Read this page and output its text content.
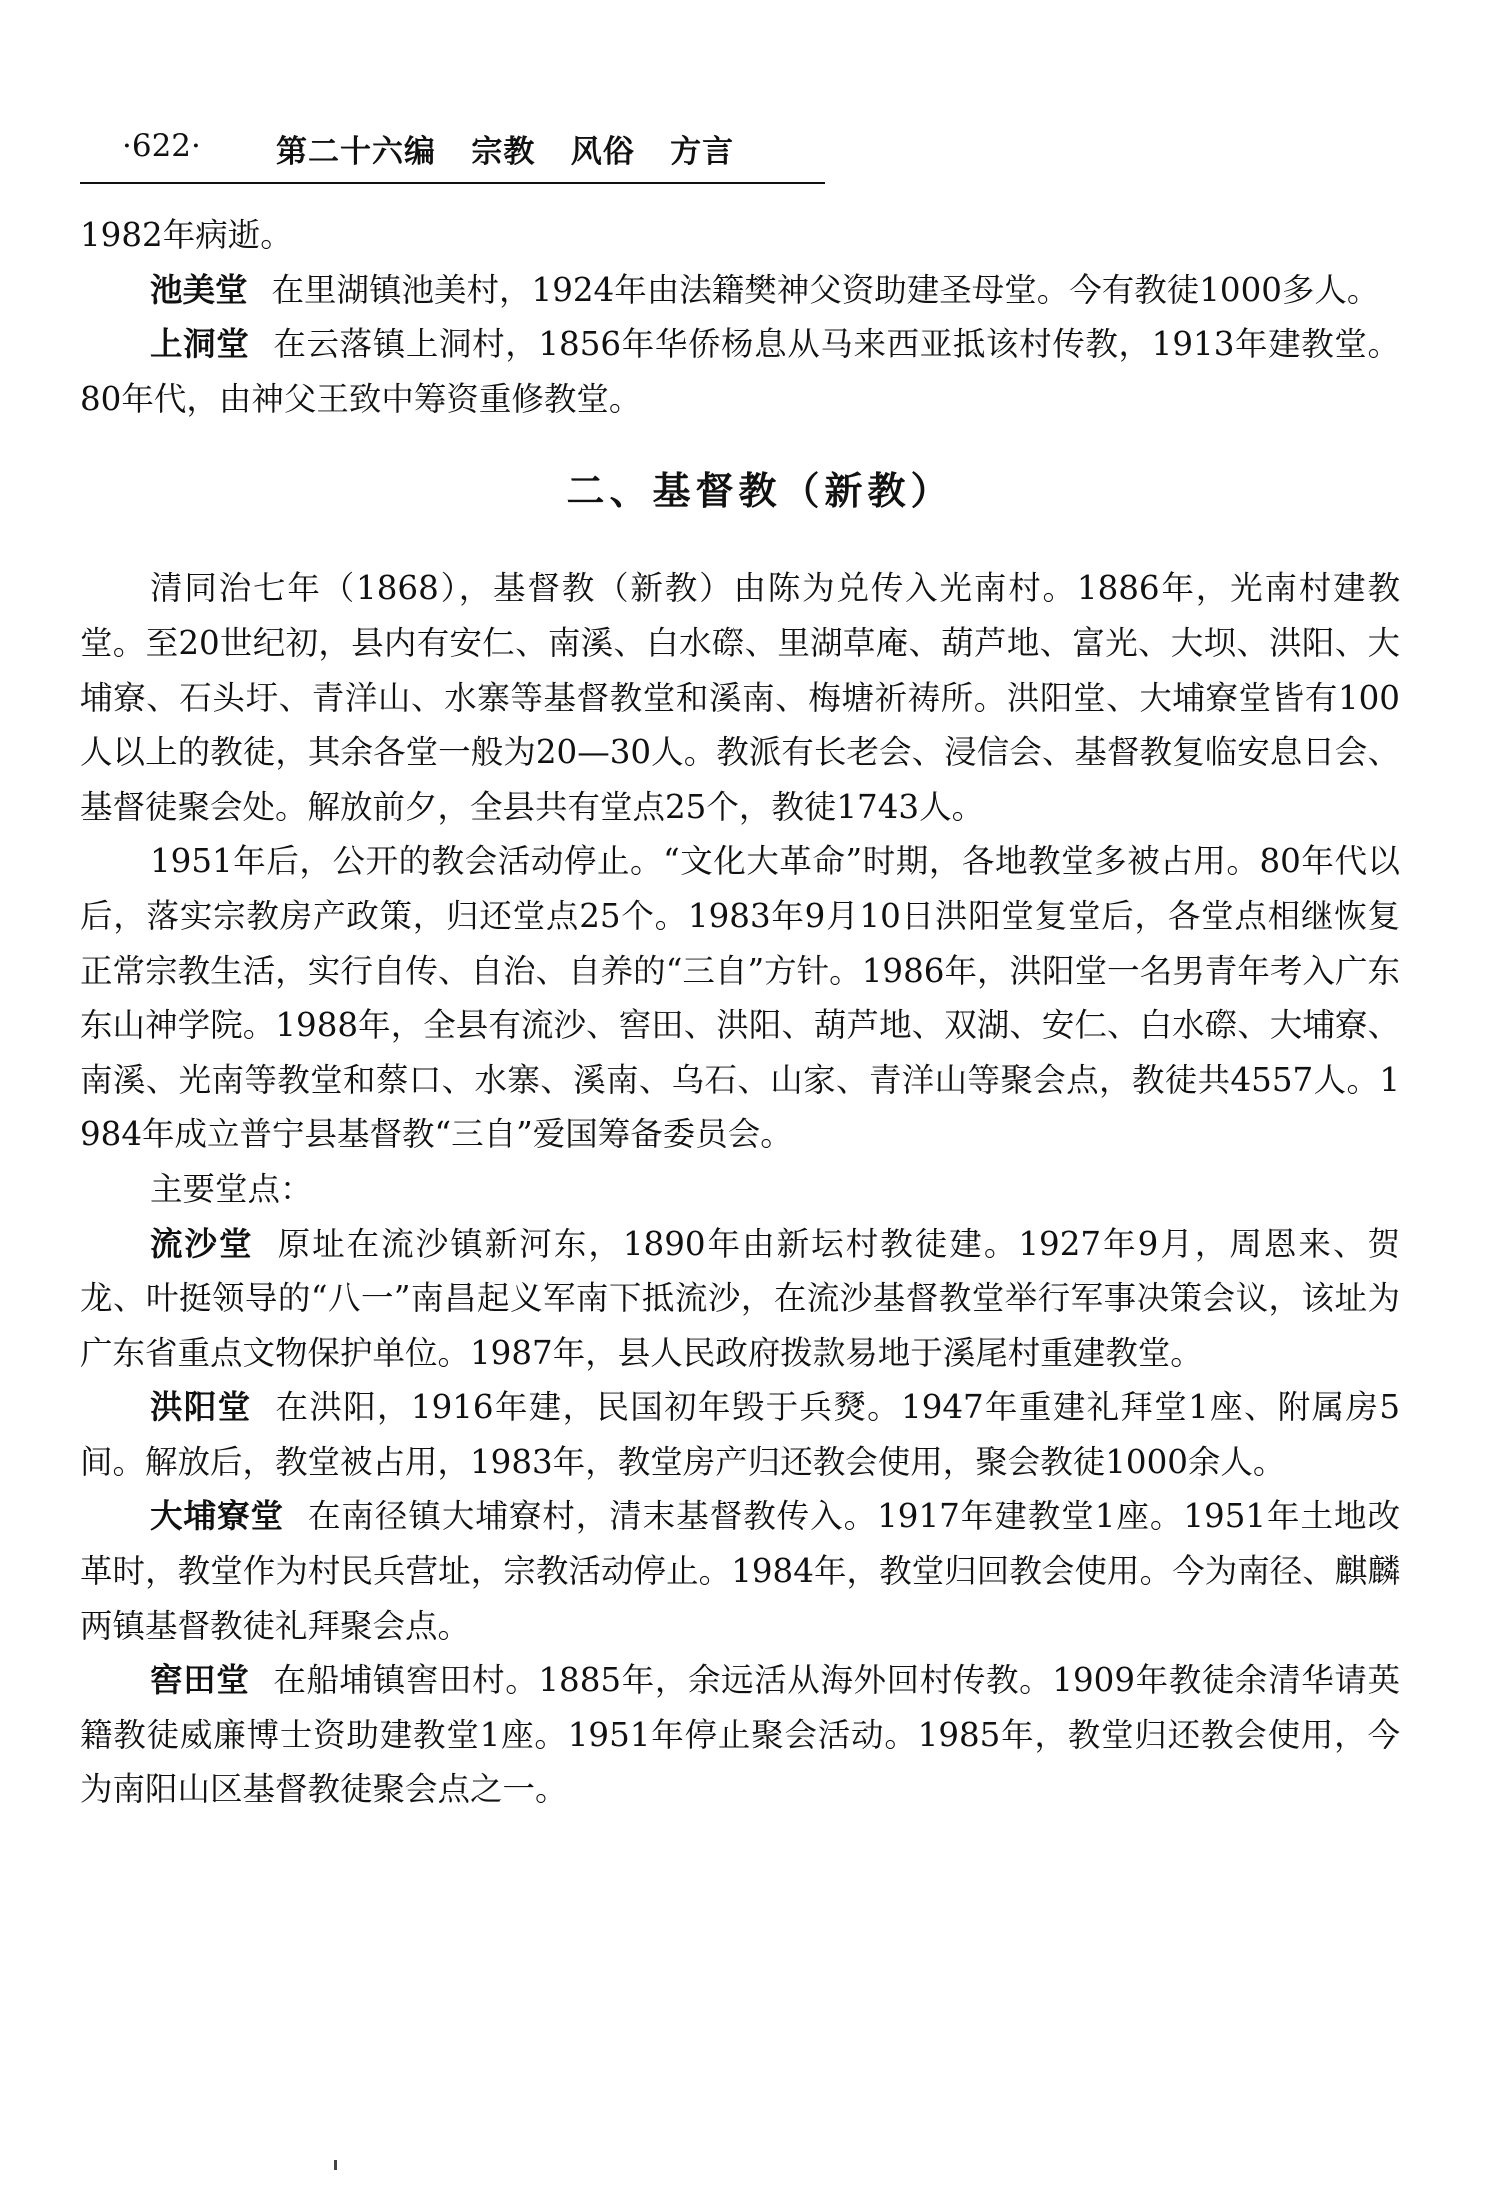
·622· 第二十六编   宗教   风俗   方言

1982年病逝。

池美堂 在里湖镇池美村，1924年由法籍樊神父资助建圣母堂。今有教徒1000多人。

上洞堂 在云落镇上洞村，1856年华侨杨息从马来西亚抵该村传教，1913年建教堂。80年代，由神父王致中筹资重修教堂。

二、基督教（新教）

清同治七年（1868），基督教（新教）由陈为兑传入光南村。1886年，光南村建教堂。至20世纪初，县内有安仁、南溪、白水磜、里湖草庵、葫芦地、富光、大坝、洪阳、大埔寮、石头圩、青洋山、水寨等基督教堂和溪南、梅塘祈祷所。洪阳堂、大埔寮堂皆有100人以上的教徒，其余各堂一般为20—30人。教派有长老会、浸信会、基督教复临安息日会、基督徒聚会处。解放前夕，全县共有堂点25个，教徒1743人。

1951年后，公开的教会活动停止。“文化大革命”时期，各地教堂多被占用。80年代以后，落实宗教房产政策，归还堂点25个。1983年9月10日洪阳堂复堂后，各堂点相继恢复正常宗教生活，实行自传、自治、自养的“三自”方针。1986年，洪阳堂一名男青年考入广东东山神学院。1988年，全县有流沙、窖田、洪阳、葫芦地、双湖、安仁、白水磜、大埔寮、南溪、光南等教堂和蔡口、水寨、溪南、乌石、山家、青洋山等聚会点，教徒共4557人。1984年成立普宁县基督教“三自”爱国筹备委员会。

主要堂点：

流沙堂 原址在流沙镇新河东，1890年由新坛村教徒建。1927年9月，周恩来、贺龙、叶挺领导的“八一”南昌起义军南下抵流沙，在流沙基督教堂举行军事决策会议，该址为广东省重点文物保护单位。1987年，县人民政府拨款易地于溪尾村重建教堂。

洪阳堂 在洪阳，1916年建，民国初年毁于兵燹。1947年重建礼拜堂1座、附属房5间。解放后，教堂被占用，1983年，教堂房产归还教会使用，聚会教徒1000余人。

大埔寮堂 在南径镇大埔寮村，清末基督教传入。1917年建教堂1座。1951年土地改革时，教堂作为村民兵营址，宗教活动停止。1984年，教堂归回教会使用。今为南径、麒麟两镇基督教徒礼拜聚会点。

窖田堂 在船埔镇窖田村。1885年，余远活从海外回村传教。1909年教徒余清华请英籍教徒威廉博士资助建教堂1座。1951年停止聚会活动。1985年，教堂归还教会使用，今为南阳山区基督教徒聚会点之一。
